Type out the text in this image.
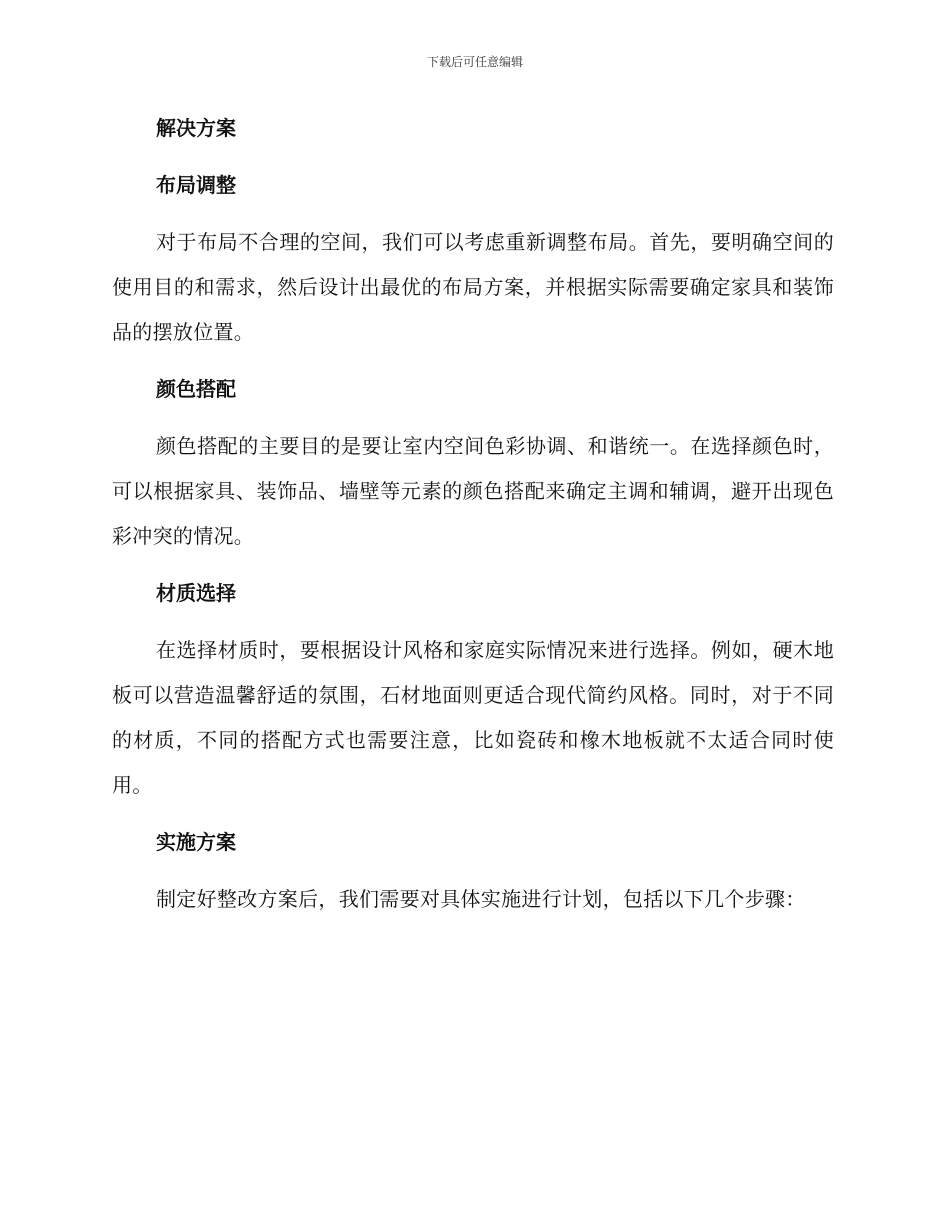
下载后可任意编辑
解决方案
布局调整
对于布局不合理的空间，我们可以考虑重新调整布局。首先，要明确空间的使用目的和需求，然后设计出最优的布局方案，并根据实际需要确定家具和装饰品的摆放位置。
颜色搭配
颜色搭配的主要目的是要让室内空间色彩协调、和谐统一。在选择颜色时，可以根据家具、装饰品、墙壁等元素的颜色搭配来确定主调和辅调，避开出现色彩冲突的情况。
材质选择
在选择材质时，要根据设计风格和家庭实际情况来进行选择。例如，硬木地板可以营造温馨舒适的氛围，石材地面则更适合现代简约风格。同时，对于不同的材质，不同的搭配方式也需要注意，比如瓷砖和橡木地板就不太适合同时使用。
实施方案
制定好整改方案后，我们需要对具体实施进行计划，包括以下几个步骤：
